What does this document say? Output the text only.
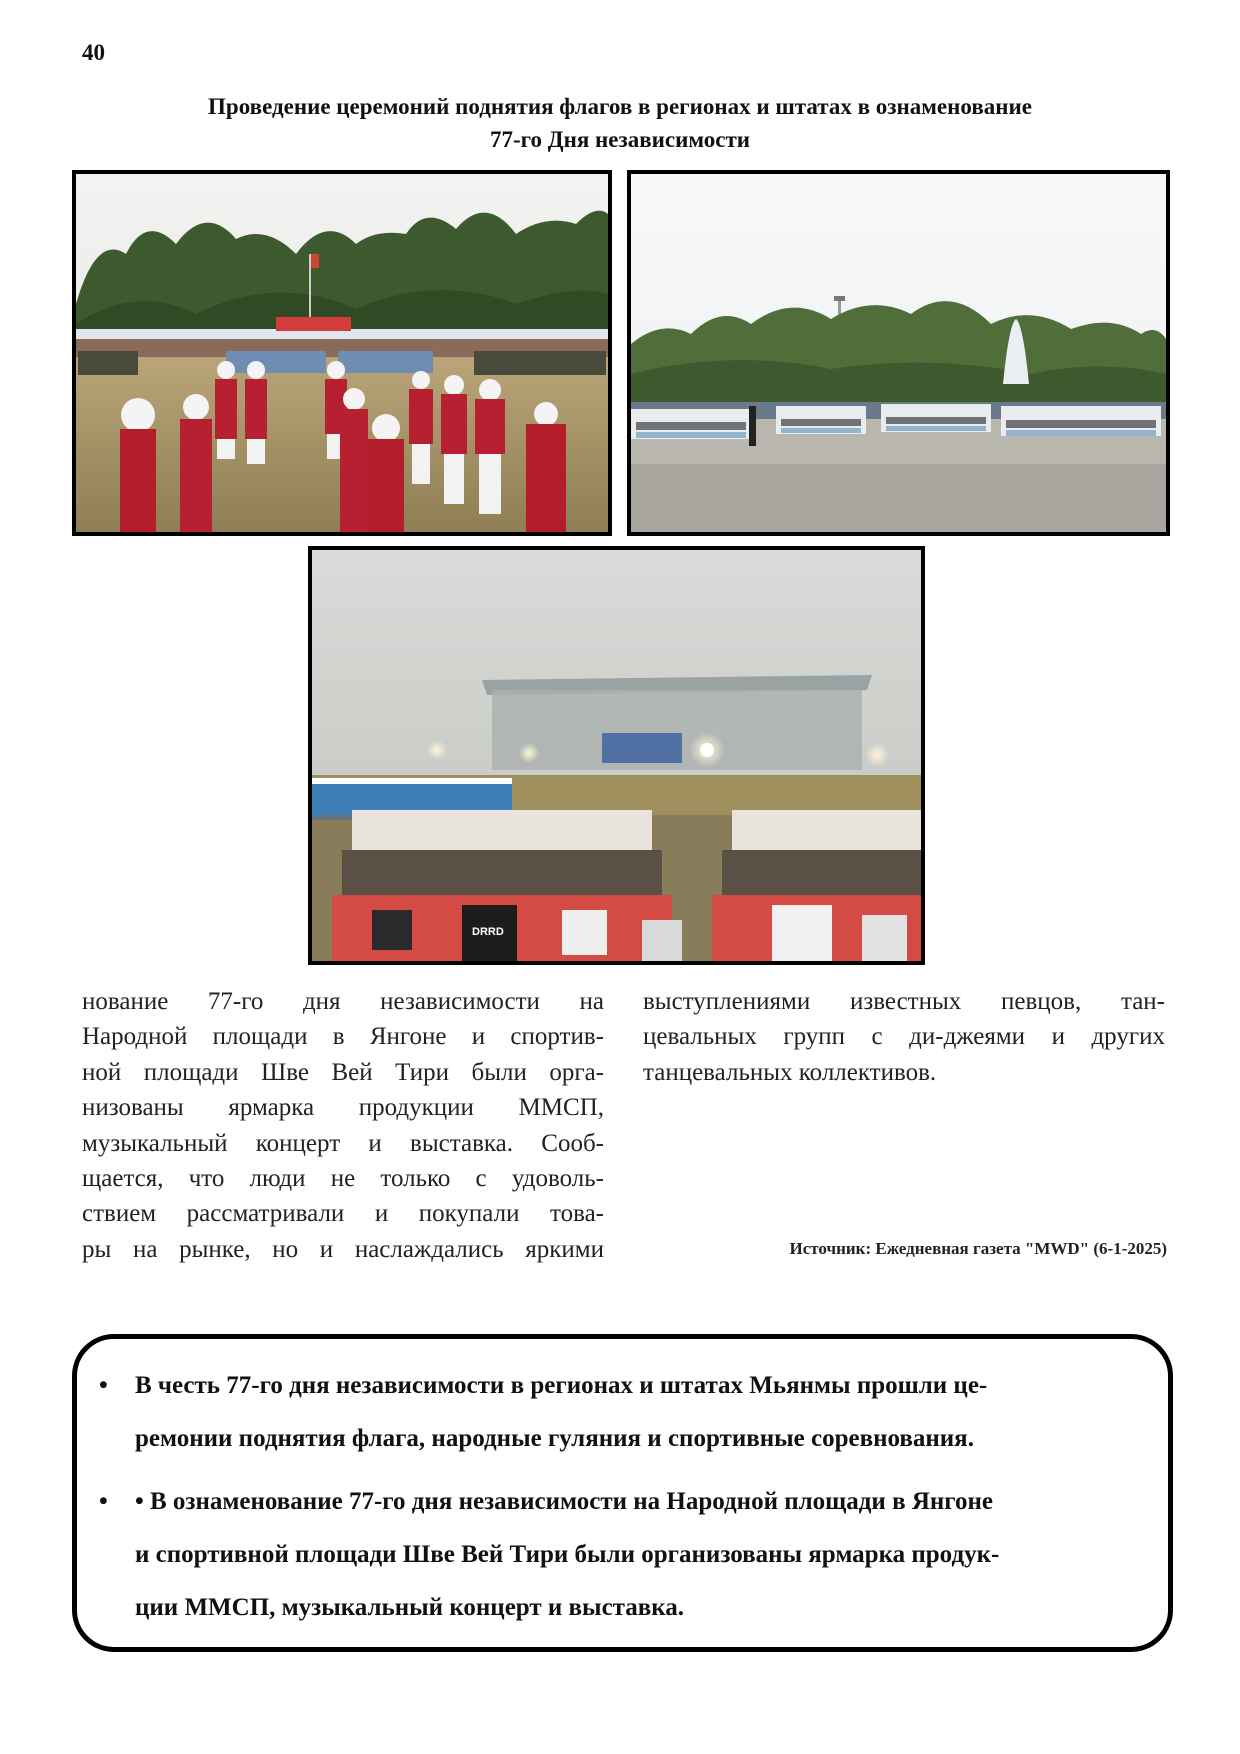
40
Проведение церемоний поднятия флагов в регионах и штатах в ознаменование
77-го Дня независимости
DRRD
нование 77-го дня независимости на
Народной площади в Янгоне и спортив-
ной площади Шве Вей Тири были орга-
низованы ярмарка продукции ММСП,
музыкальный концерт и выставка. Сооб-
щается, что люди не только с удоволь-
ствием рассматривали и покупали това-
ры на рынке, но и наслаждались яркими
выступлениями известных певцов, тан-
цевальных групп с ди-джеями и других
танцевальных коллективов.
Источник: Ежедневная газета "MWD" (6-1-2025)
• В честь 77-го дня независимости в регионах и штатах Мьянмы прошли це-
ремонии поднятия флага, народные гуляния и спортивные соревнования.
• • В ознаменование 77-го дня независимости на Народной площади в Янгоне
и спортивной площади Шве Вей Тири были организованы ярмарка продук-
ции ММСП, музыкальный концерт и выставка.
